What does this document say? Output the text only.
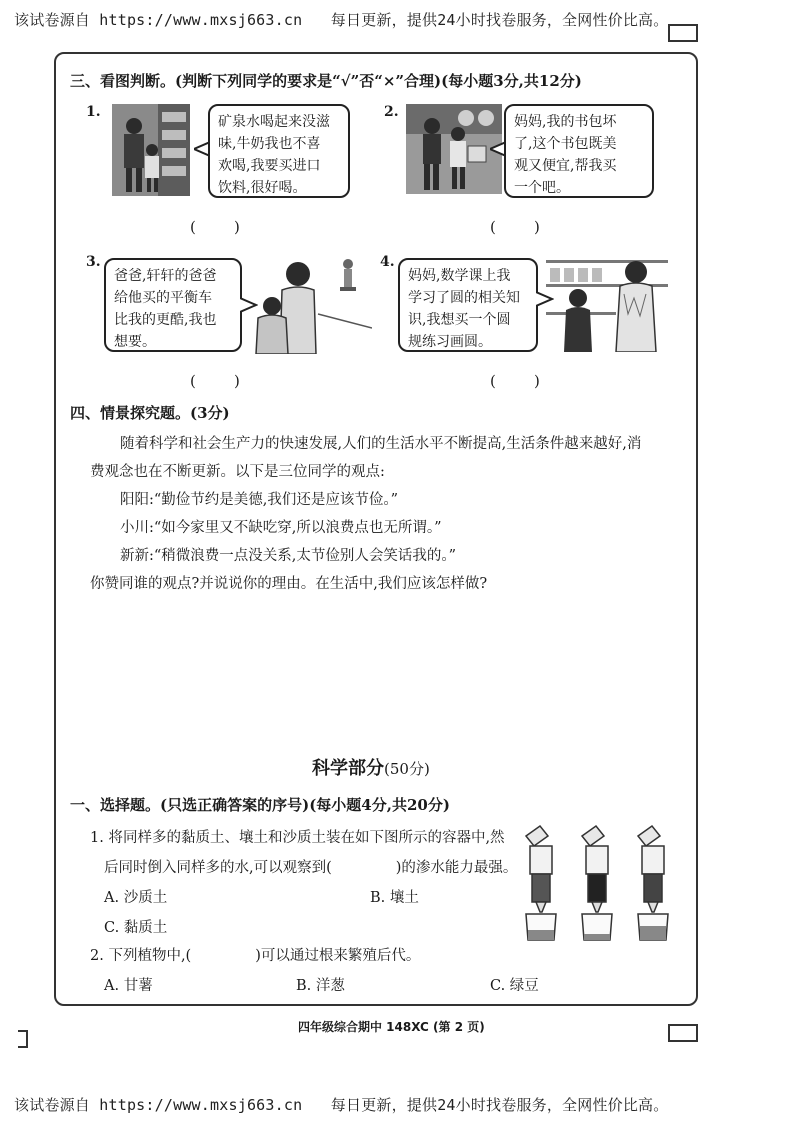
该试卷源自 https://www.mxsj663.cn 每日更新，提供24小时找卷服务，全网性价比高。
三、看图判断。(判断下列同学的要求是“√”否“×”合理)(每小题3分,共12分)
1.
矿泉水喝起来没滋
味,牛奶我也不喜
欢喝,我要买进口
饮料,很好喝。
(        )
2.
妈妈,我的书包坏
了,这个书包既美
观又便宜,帮我买
一个吧。
(        )
3.
爸爸,轩轩的爸爸
给他买的平衡车
比我的更酷,我也
想要。
(        )
4.
妈妈,数学课上我
学习了圆的相关知
识,我想买一个圆
规练习画圆。
(        )
四、情景探究题。(3分)
随着科学和社会生产力的快速发展,人们的生活水平不断提高,生活条件越来越好,消
费观念也在不断更新。以下是三位同学的观点:
阳阳:“勤俭节约是美德,我们还是应该节俭。”
小川:“如今家里又不缺吃穿,所以浪费点也无所谓。”
新新:“稍微浪费一点没关系,太节俭别人会笑话我的。”
你赞同谁的观点?并说说你的理由。在生活中,我们应该怎样做?
科学部分(50分)
一、选择题。(只选正确答案的序号)(每小题4分,共20分)
1. 将同样多的黏质土、壤土和沙质土装在如下图所示的容器中,然
后同时倒入同样多的水,可以观察到(	)的渗水能力最强。
A. 沙质土	B. 壤土
C. 黏质土
2. 下列植物中,(	)可以通过根来繁殖后代。
A. 甘薯	B. 洋葱	C. 绿豆
四年级综合期中 148XC (第 2 页)
该试卷源自 https://www.mxsj663.cn 每日更新，提供24小时找卷服务，全网性价比高。
